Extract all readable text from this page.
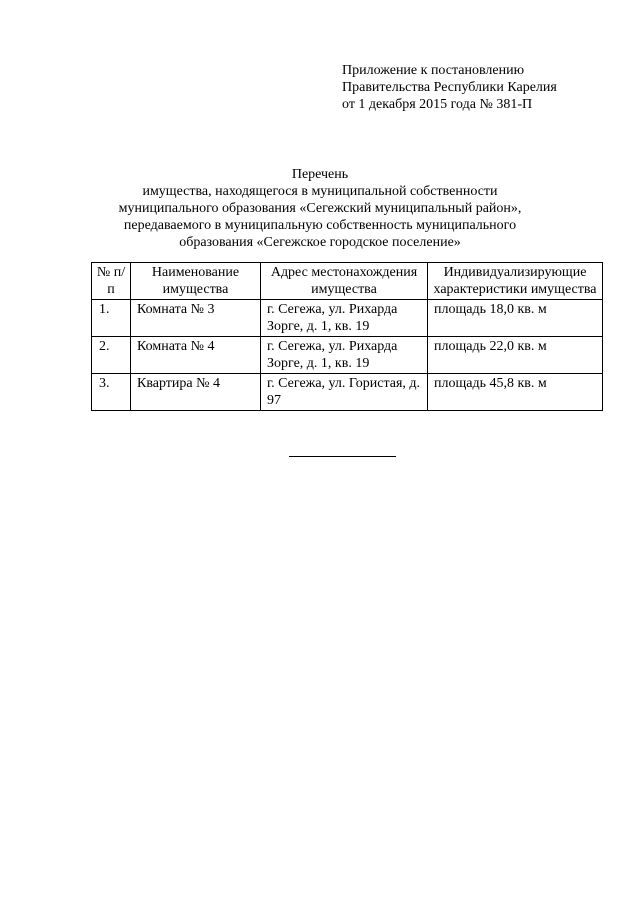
Приложение к постановлению
Правительства Республики Карелия
от 1 декабря 2015 года № 381-П
Перечень
имущества, находящегося в муниципальной собственности
муниципального образования «Сегежский муниципальный район»,
передаваемого в муниципальную собственность муниципального
образования «Сегежское городское поселение»
№ п/п	Наименование имущества	Адрес местонахождения имущества	Индивидуализирующие характеристики имущества
1.	Комната № 3	г. Сегежа, ул. Рихарда Зорге, д. 1, кв. 19	площадь 18,0 кв. м
2.	Комната № 4	г. Сегежа, ул. Рихарда Зорге, д. 1, кв. 19	площадь 22,0 кв. м
3.	Квартира № 4	г. Сегежа, ул. Гористая, д. 97	площадь 45,8 кв. м
